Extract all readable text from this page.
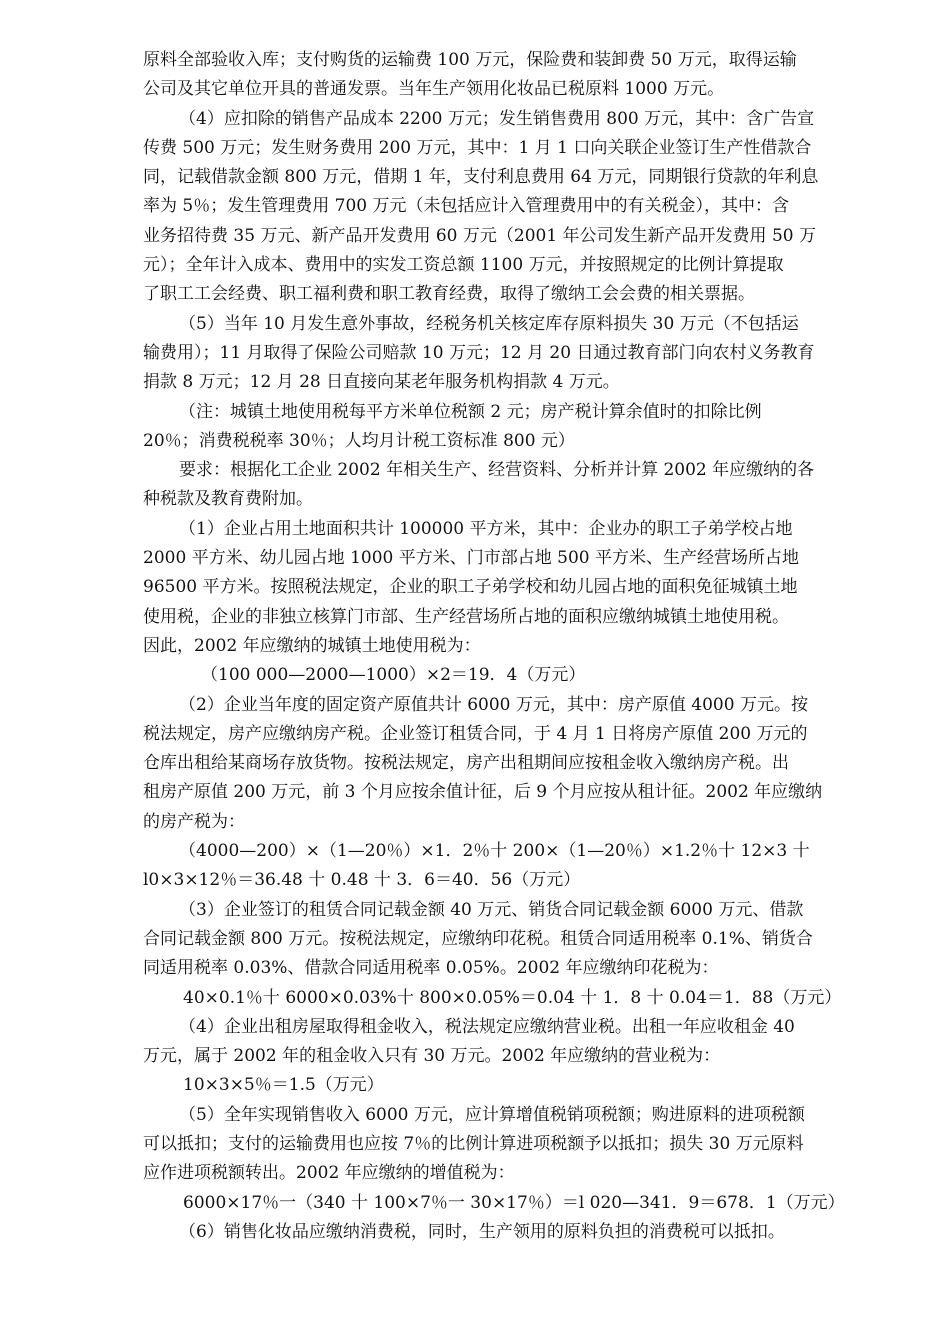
原料全部验收入库；支付购货的运输费 100 万元，保险费和装卸费 50 万元，取得运输
公司及其它单位开具的普通发票。当年生产领用化妆品已税原料 1000 万元。
（4）应扣除的销售产品成本 2200 万元；发生销售费用 800 万元，其中：含广告宣
传费 500 万元；发生财务费用 200 万元，其中：1 月 1 口向关联企业签订生产性借款合
同，记载借款金额 800 万元，借期 1 年，支付利息费用 64 万元，同期银行贷款的年利息
率为 5％；发生管理费用 700 万元（未包括应计入管理费用中的有关税金），其中：含
业务招待费 35 万元、新产品开发费用 60 万元（2001 年公司发生新产品开发费用 50 万
元）；全年计入成本、费用中的实发工资总额 1100 万元，并按照规定的比例计算提取
了职工工会经费、职工福利费和职工教育经费，取得了缴纳工会会费的相关票据。
（5）当年 10 月发生意外事故，经税务机关核定库存原料损失 30 万元（不包括运
输费用）；11 月取得了保险公司赔款 10 万元；12 月 20 日通过教育部门向农村义务教育
捐款 8 万元；12 月 28 日直接向某老年服务机构捐款 4 万元。
（注：城镇土地使用税每平方米单位税额 2 元；房产税计算余值时的扣除比例
20％；消费税税率 30％；人均月计税工资标准 800 元）
要求：根据化工企业 2002 年相关生产、经营资料、分析并计算 2002 年应缴纳的各
种税款及教育费附加。
（1）企业占用土地面积共计 100000 平方米，其中：企业办的职工子弟学校占地
2000 平方米、幼儿园占地 1000 平方米、门市部占地 500 平方米、生产经营场所占地
96500 平方米。按照税法规定，企业的职工子弟学校和幼儿园占地的面积免征城镇土地
使用税，企业的非独立核算门市部、生产经营场所占地的面积应缴纳城镇土地使用税。
因此，2002 年应缴纳的城镇土地使用税为：
（100 000—2000—1000）×2＝19．4（万元）
（2）企业当年度的固定资产原值共计 6000 万元，其中：房产原值 4000 万元。按
税法规定，房产应缴纳房产税。企业签订租赁合同，于 4 月 1 日将房产原值 200 万元的
仓库出租给某商场存放货物。按税法规定，房产出租期间应按租金收入缴纳房产税。出
租房产原值 200 万元，前 3 个月应按余值计征，后 9 个月应按从租计征。2002 年应缴纳
的房产税为：
（4000—200）×（1—20％）×1．2％十 200×（1—20％）×1.2％十 12×3 十
l0×3×12％＝36.48 十 0.48 十 3．6＝40．56（万元）
（3）企业签订的租赁合同记载金额 40 万元、销货合同记载金额 6000 万元、借款
合同记载金额 800 万元。按税法规定，应缴纳印花税。租赁合同适用税率 0.1%、销货合
同适用税率 0.03%、借款合同适用税率 0.05%。2002 年应缴纳印花税为：
40×0.1％十 6000×0.03%十 800×0.05%＝0.04 十 1．8 十 0.04＝1．88（万元）
（4）企业出租房屋取得租金收入，税法规定应缴纳营业税。出租一年应收租金 40
万元，属于 2002 年的租金收入只有 30 万元。2002 年应缴纳的营业税为：
10×3×5％＝1.5（万元）
（5）全年实现销售收入 6000 万元，应计算增值税销项税额；购进原料的进项税额
可以抵扣；支付的运输费用也应按 7％的比例计算进项税额予以抵扣；损失 30 万元原料
应作进项税额转出。2002 年应缴纳的增值税为：
6000×17％一（340 十 100×7％一 30×17％）＝l 020—341．9＝678．1（万元）
（6）销售化妆品应缴纳消费税，同时，生产领用的原料负担的消费税可以抵扣。
